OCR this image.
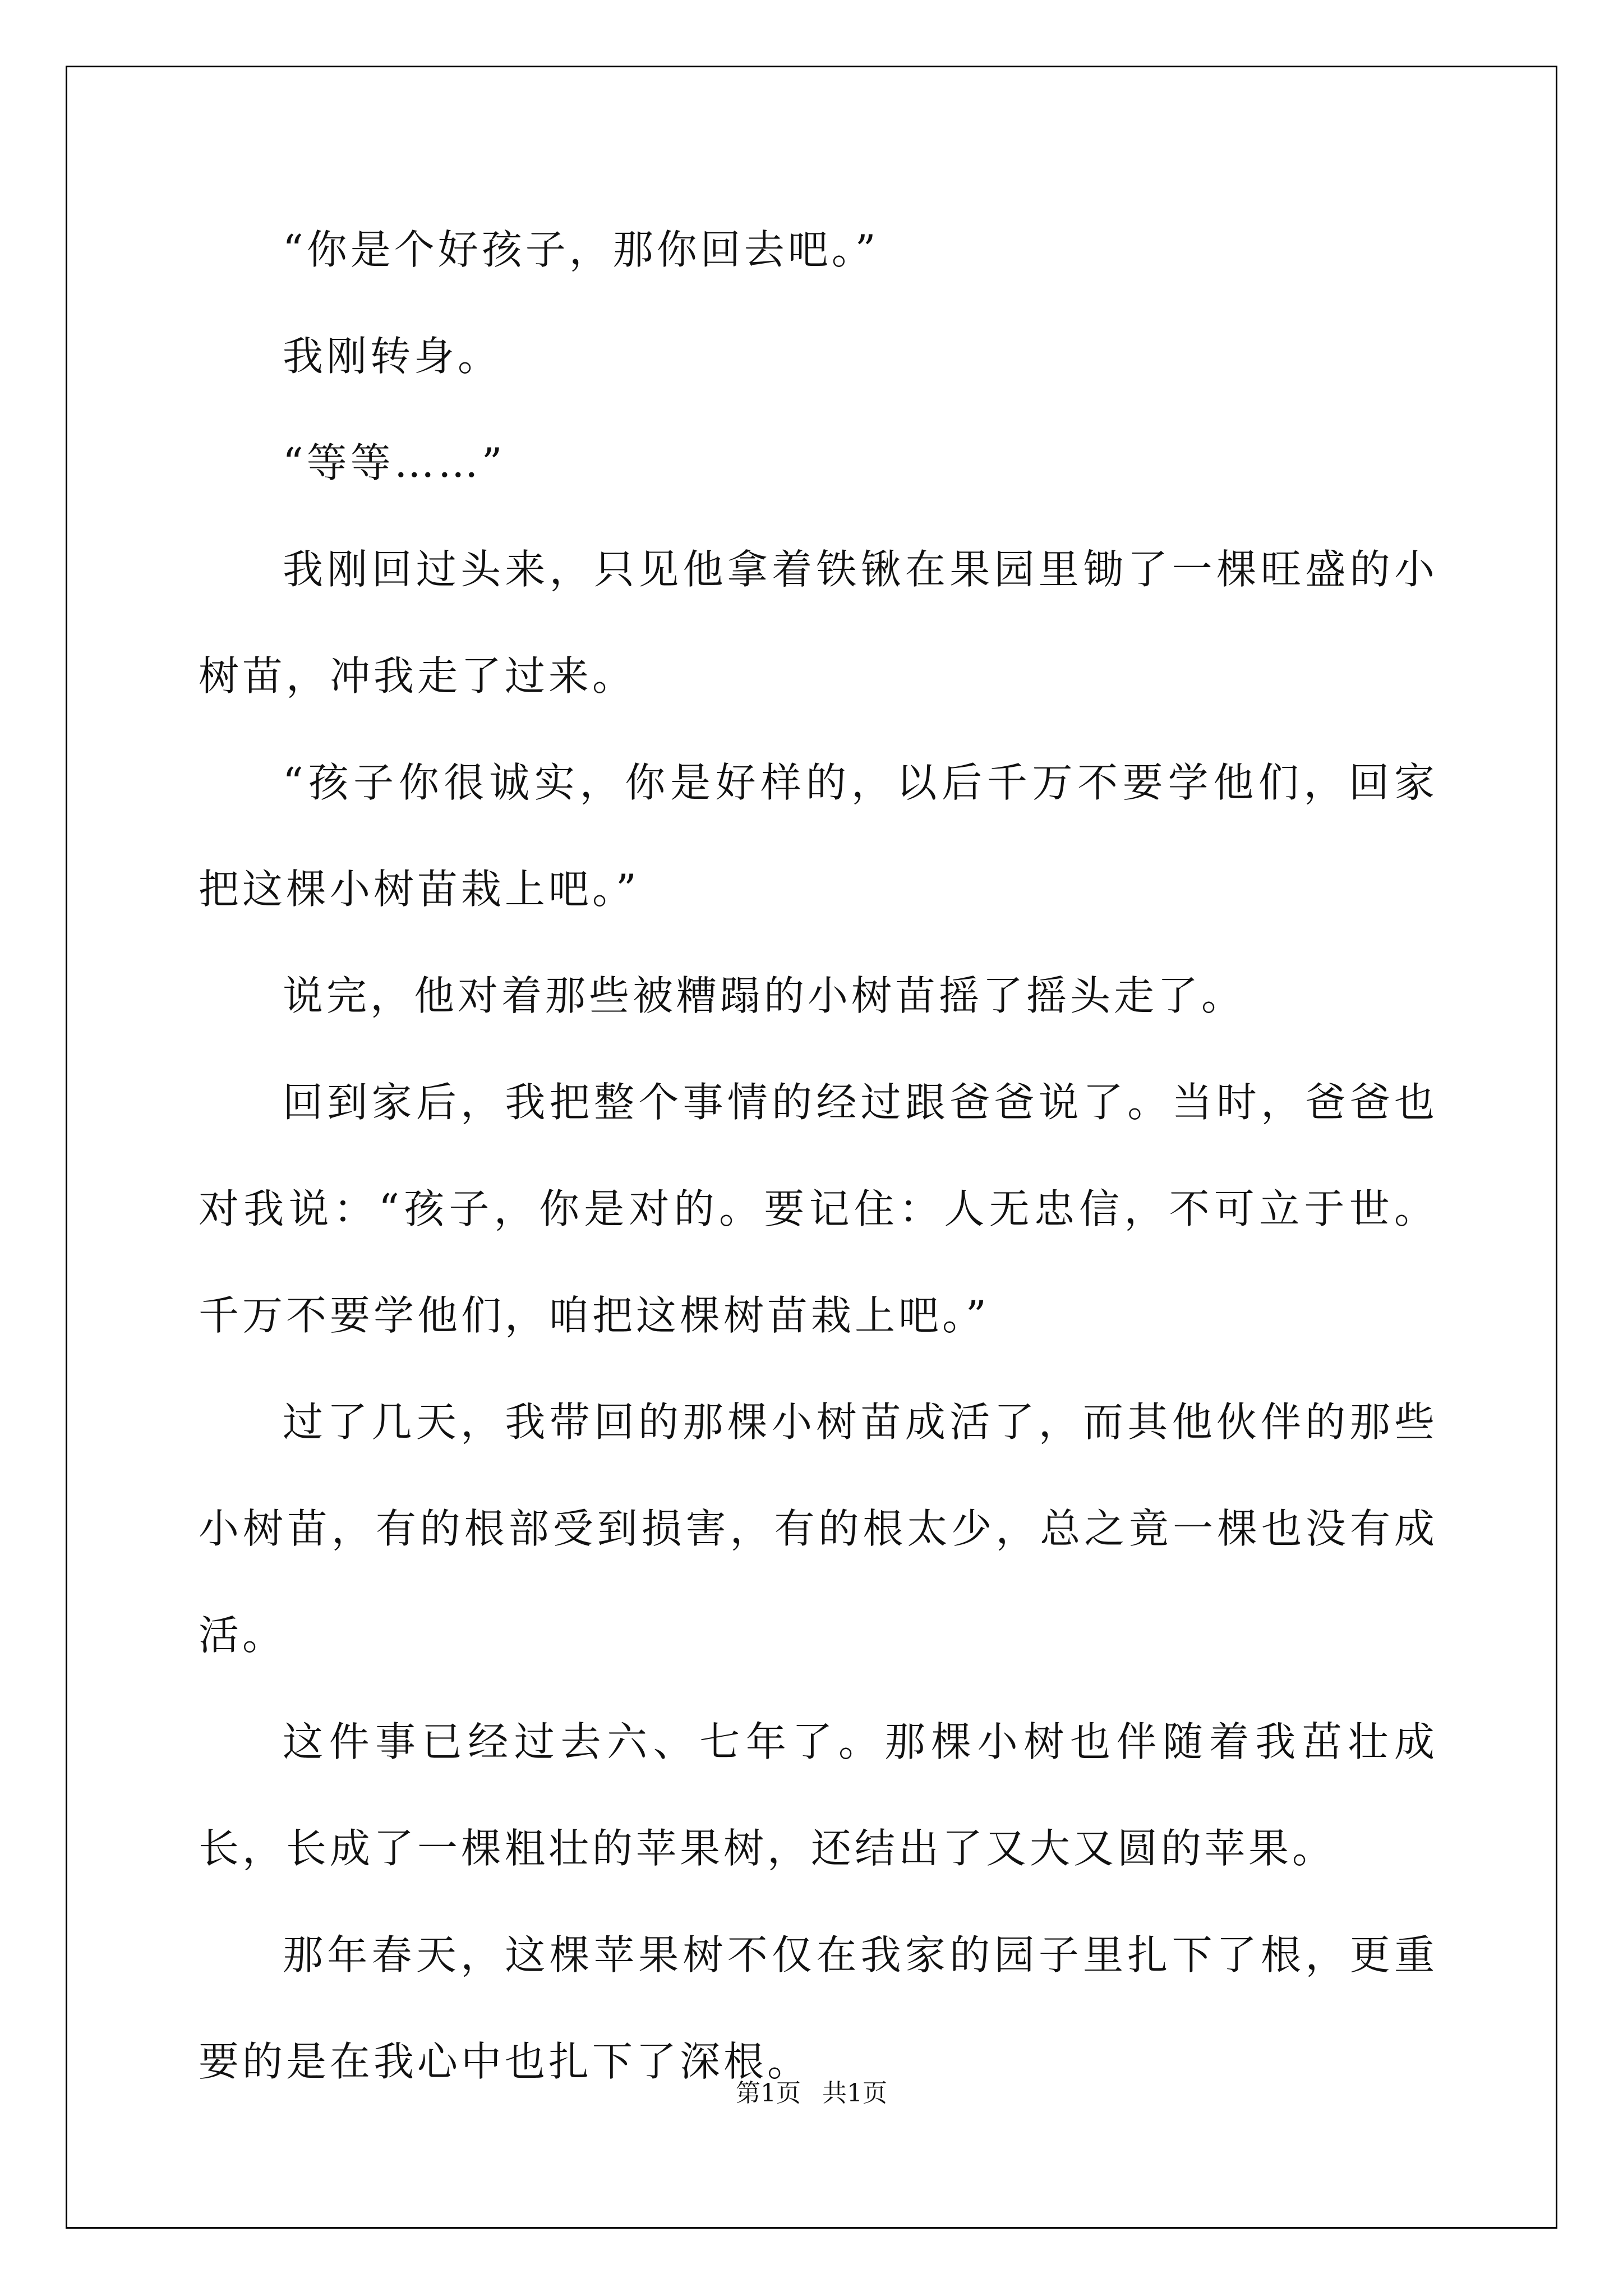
“你是个好孩子，那你回去吧。”

我刚转身。

“等等……”

我刚回过头来，只见他拿着铁锹在果园里锄了一棵旺盛的小树苗，冲我走了过来。

“孩子你很诚实，你是好样的，以后千万不要学他们，回家把这棵小树苗栽上吧。”

说完，他对着那些被糟蹋的小树苗摇了摇头走了。

回到家后，我把整个事情的经过跟爸爸说了。当时，爸爸也对我说：“孩子，你是对的。要记住：人无忠信，不可立于世。千万不要学他们，咱把这棵树苗栽上吧。”

过了几天，我带回的那棵小树苗成活了，而其他伙伴的那些小树苗，有的根部受到损害，有的根太少，总之竟一棵也没有成活。

这件事已经过去六、七年了。那棵小树也伴随着我茁壮成长，长成了一棵粗壮的苹果树，还结出了又大又圆的苹果。

那年春天，这棵苹果树不仅在我家的园子里扎下了根，更重要的是在我心中也扎下了深根。

第1页 共1页
